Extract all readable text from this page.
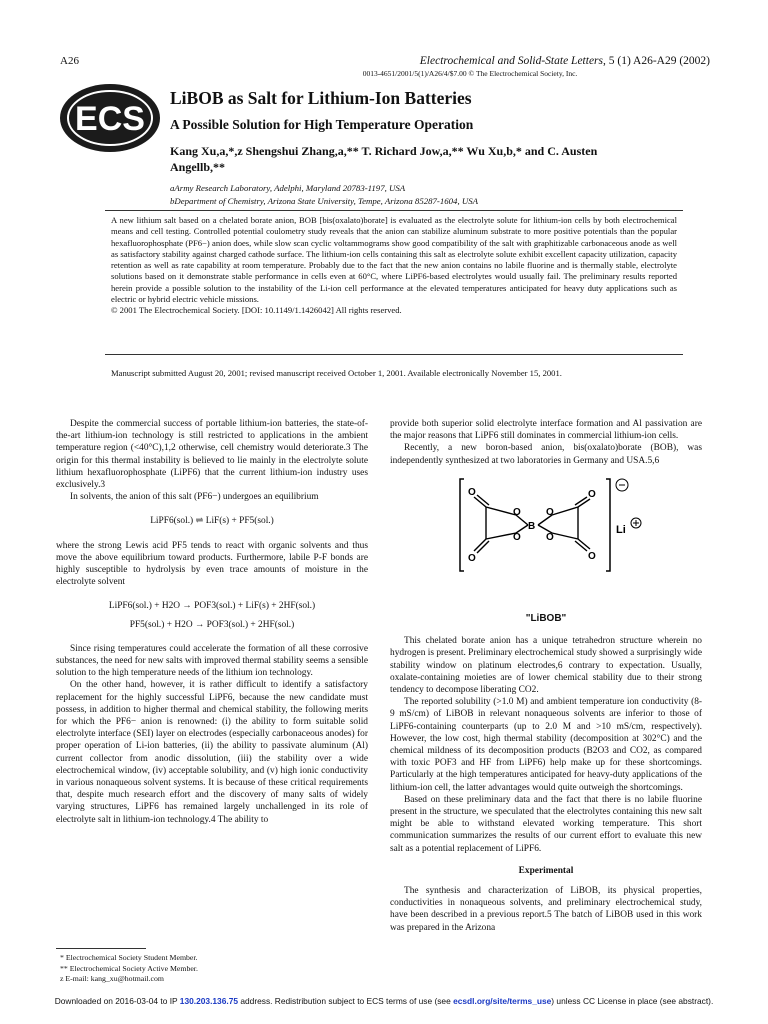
A26	Electrochemical and Solid-State Letters, 5 (1) A26-A29 (2002)
0013-4651/2001/5(1)/A26/4/$7.00 © The Electrochemical Society, Inc.
ECS
LiBOB as Salt for Lithium-Ion Batteries
A Possible Solution for High Temperature Operation
Kang Xu,a,*,z Shengshui Zhang,a,** T. Richard Jow,a,** Wu Xu,b,* and C. Austen
Angellb,**
aArmy Research Laboratory, Adelphi, Maryland 20783-1197, USA
bDepartment of Chemistry, Arizona State University, Tempe, Arizona 85287-1604, USA

A new lithium salt based on a chelated borate anion, BOB [bis(oxalato)borate] is evaluated as the electrolyte solute for lithium-ion cells by both electrochemical means and cell testing. Controlled potential coulometry study reveals that the anion can stabilize aluminum substrate to more positive potentials than the popular hexafluorophosphate (PF6−) anion does, while slow scan cyclic voltammograms show good compatibility of the salt with graphitizable carbonaceous anode as well as satisfactory stability against charged cathode surface. The lithium-ion cells containing this salt as electrolyte solute exhibit excellent capacity utilization, capacity retention as well as rate capability at room temperature. Probably due to the fact that the new anion contains no labile fluorine and is thermally stable, electrolyte solutions based on it demonstrate stable performance in cells even at 60°C, where LiPF6-based electrolytes would usually fail. The preliminary results reported herein provide a possible solution to the instability of the Li-ion cell performance at the elevated temperatures anticipated for heavy duty applications such as electric or hybrid electric vehicle missions.

© 2001 The Electrochemical Society. [DOI: 10.1149/1.1426042] All rights reserved.

Manuscript submitted August 20, 2001; revised manuscript received October 1, 2001. Available electronically November 15, 2001.

Despite the commercial success of portable lithium-ion batteries, the state-of-the-art lithium-ion technology is still restricted to applications in the ambient temperature region (<40°C),1,2 otherwise, cell chemistry would deteriorate.3 The origin for this thermal instability is believed to lie mainly in the electrolyte solute lithium hexafluorophosphate (LiPF6) that the current lithium-ion industry uses exclusively.3

In solvents, the anion of this salt (PF6−) undergoes an equilibrium

LiPF6(sol.) ⇌ LiF(s) + PF5(sol.)

where the strong Lewis acid PF5 tends to react with organic solvents and thus move the above equilibrium toward products. Furthermore, labile P-F bonds are highly susceptible to hydrolysis by even trace amounts of moisture in the electrolyte solvent

LiPF6(sol.) + H2O → POF3(sol.) + LiF(s) + 2HF(sol.)
PF5(sol.) + H2O → POF3(sol.) + 2HF(sol.)

Since rising temperatures could accelerate the formation of all these corrosive substances, the need for new salts with improved thermal stability seems a sensible solution to the high temperature needs of the lithium ion technology.

On the other hand, however, it is rather difficult to identify a satisfactory replacement for the highly successful LiPF6, because the new candidate must possess, in addition to higher thermal and chemical stability, the following merits for which the PF6− anion is renowned: (i) the ability to form suitable solid electrolyte interface (SEI) layer on electrodes (especially carbonaceous anodes) for proper operation of Li-ion batteries, (ii) the ability to passivate aluminum (Al) current collector from anodic dissolution, (iii) the stability over a wide electrochemical window, (iv) acceptable solubility, and (v) high ionic conductivity in various nonaqueous solvent systems. It is because of these critical requirements that, despite much research effort and the discovery of many salts of widely varying structures, LiPF6 has remained largely unchallenged in its role of electrolyte salt in lithium-ion technology.4 The ability to

provide both superior solid electrolyte interface formation and Al passivation are the major reasons that LiPF6 still dominates in commercial lithium-ion cells.

Recently, a new boron-based anion, bis(oxalato)borate (BOB), was independently synthesized at two laboratories in Germany and USA.5,6

O
O
O
O
B
O
O
O
O
Li
"LiBOB"

This chelated borate anion has a unique tetrahedron structure wherein no hydrogen is present. Preliminary electrochemical study showed a surprisingly wide stability window on platinum electrodes,6 contrary to expectation. Usually, oxalate-containing moieties are of lower chemical stability due to their strong tendency to decompose liberating CO2.

The reported solubility (>1.0 M) and ambient temperature ion conductivity (8-9 mS/cm) of LiBOB in relevant nonaqueous solvents are inferior to those of LiPF6-containing counterparts (up to 2.0 M and >10 mS/cm, respectively). However, the low cost, high thermal stability (decomposition at 302°C) and the chemical mildness of its decomposition products (B2O3 and CO2, as compared with toxic POF3 and HF from LiPF6) help make up for these shortcomings. Particularly at the high temperatures anticipated for heavy-duty applications of the lithium-ion cell, the latter advantages would quite outweigh the shortcomings.

Based on these preliminary data and the fact that there is no labile fluorine present in the structure, we speculated that the electrolytes containing this new salt might be able to withstand elevated working temperature. This short communication summarizes the results of our current effort to evaluate this new salt as a potential replacement of LiPF6.

Experimental

The synthesis and characterization of LiBOB, its physical properties, conductivities in nonaqueous solvents, and preliminary electrochemical study, have been described in a previous report.5 The batch of LiBOB used in this work was prepared in the Arizona

* Electrochemical Society Student Member.
** Electrochemical Society Active Member.
z E-mail: kang_xu@hotmail.com
Downloaded on 2016-03-04 to IP 130.203.136.75 address. Redistribution subject to ECS terms of use (see ecsdl.org/site/terms_use) unless CC License in place (see abstract).
